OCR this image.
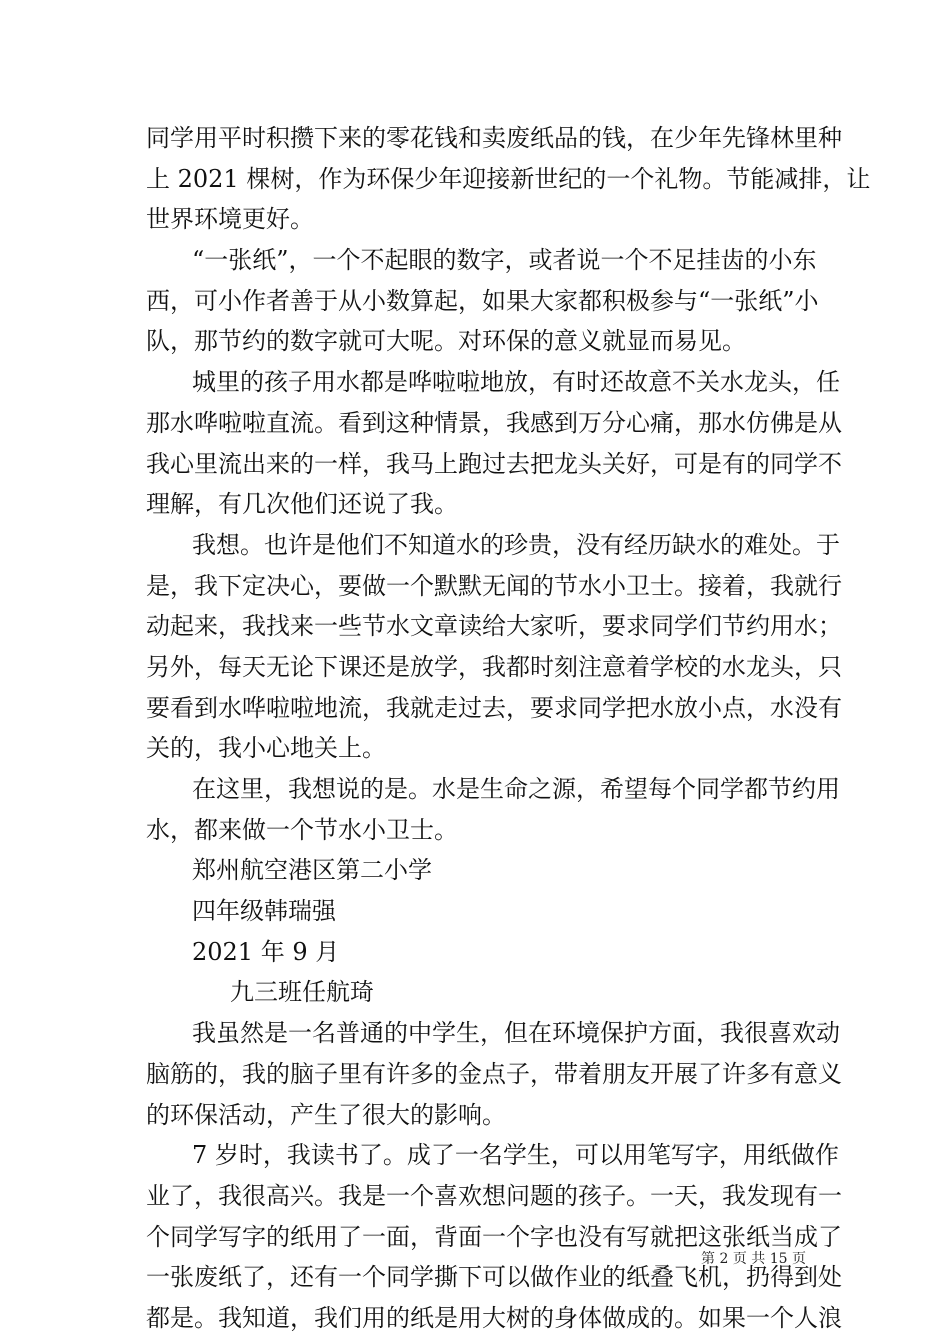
同学用平时积攒下来的零花钱和卖废纸品的钱，在少年先锋林里种
上 2021 棵树，作为环保少年迎接新世纪的一个礼物。节能减排，让
世界环境更好。
“一张纸”，一个不起眼的数字，或者说一个不足挂齿的小东
西，可小作者善于从小数算起，如果大家都积极参与“一张纸”小
队，那节约的数字就可大呢。对环保的意义就显而易见。
城里的孩子用水都是哗啦啦地放，有时还故意不关水龙头，任
那水哗啦啦直流。看到这种情景，我感到万分心痛，那水仿佛是从
我心里流出来的一样，我马上跑过去把龙头关好，可是有的同学不
理解，有几次他们还说了我。
我想。也许是他们不知道水的珍贵，没有经历缺水的难处。于
是，我下定决心，要做一个默默无闻的节水小卫士。接着，我就行
动起来，我找来一些节水文章读给大家听，要求同学们节约用水；
另外，每天无论下课还是放学，我都时刻注意着学校的水龙头，只
要看到水哗啦啦地流，我就走过去，要求同学把水放小点，水没有
关的，我小心地关上。
在这里，我想说的是。水是生命之源，希望每个同学都节约用
水，都来做一个节水小卫士。
郑州航空港区第二小学
四年级韩瑞强
2021 年 9 月
九三班任航琦
我虽然是一名普通的中学生，但在环境保护方面，我很喜欢动
脑筋的，我的脑子里有许多的金点子，带着朋友开展了许多有意义
的环保活动，产生了很大的影响。
7 岁时，我读书了。成了一名学生，可以用笔写字，用纸做作
业了，我很高兴。我是一个喜欢想问题的孩子。一天，我发现有一
个同学写字的纸用了一面，背面一个字也没有写就把这张纸当成了
一张废纸了，还有一个同学撕下可以做作业的纸叠飞机，扔得到处
都是。我知道，我们用的纸是用大树的身体做成的。如果一个人浪
第 2 页 共 15 页
